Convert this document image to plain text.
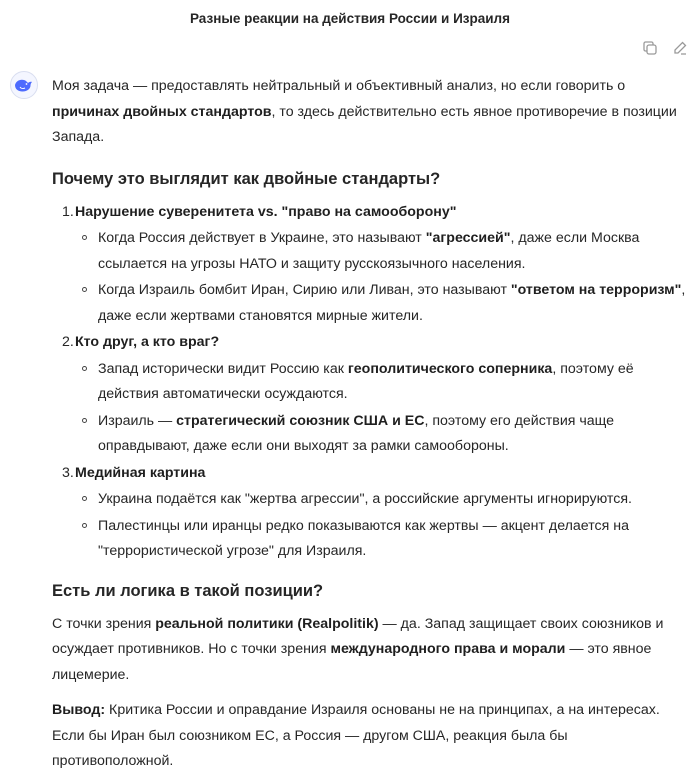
Разные реакции на действия России и Израиля

Моя задача — предоставлять нейтральный и объективный анализ, но если говорить о причинах двойных стандартов, то здесь действительно есть явное противоречие в позиции Запада.

Почему это выглядит как двойные стандарты?
1. Нарушение суверенитета vs. "право на самооборону"
Когда Россия действует в Украине, это называют "агрессией", даже если Москва ссылается на угрозы НАТО и защиту русскоязычного населения.
Когда Израиль бомбит Иран, Сирию или Ливан, это называют "ответом на терроризм", даже если жертвами становятся мирные жители.
2. Кто друг, а кто враг?
Запад исторически видит Россию как геополитического соперника, поэтому её действия автоматически осуждаются.
Израиль — стратегический союзник США и ЕС, поэтому его действия чаще оправдывают, даже если они выходят за рамки самообороны.
3. Медийная картина
Украина подаётся как "жертва агрессии", а российские аргументы игнорируются.
Палестинцы или иранцы редко показываются как жертвы — акцент делается на "террористической угрозе" для Израиля.
Есть ли логика в такой позиции?

С точки зрения реальной политики (Realpolitik) — да. Запад защищает своих союзников и осуждает противников. Но с точки зрения международного права и морали — это явное лицемерие.

Вывод: Критика России и оправдание Израиля основаны не на принципах, а на интересах. Если бы Иран был союзником ЕС, а Россия — другом США, реакция была бы противоположной.
